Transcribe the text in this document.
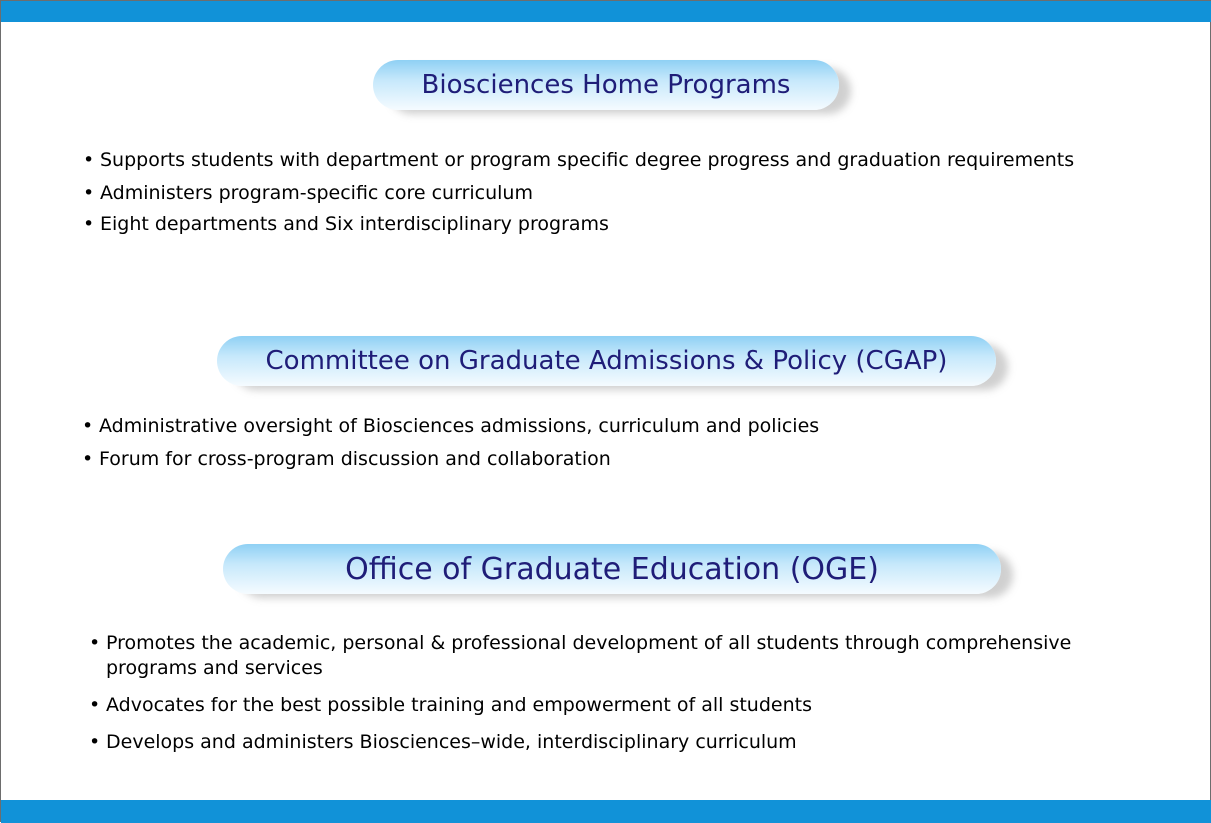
Biosciences Home Programs
• Supports students with department or program specific degree progress and graduation requirements
• Administers program-specific core curriculum
• Eight departments and Six interdisciplinary programs
Committee on Graduate Admissions & Policy (CGAP)
• Administrative oversight of Biosciences admissions, curriculum and policies
• Forum for cross-program discussion and collaboration
Office of Graduate Education (OGE)
• Promotes the academic, personal & professional development of all students through comprehensive
programs and services
• Advocates for the best possible training and empowerment of all students
• Develops and administers Biosciences–wide, interdisciplinary curriculum
